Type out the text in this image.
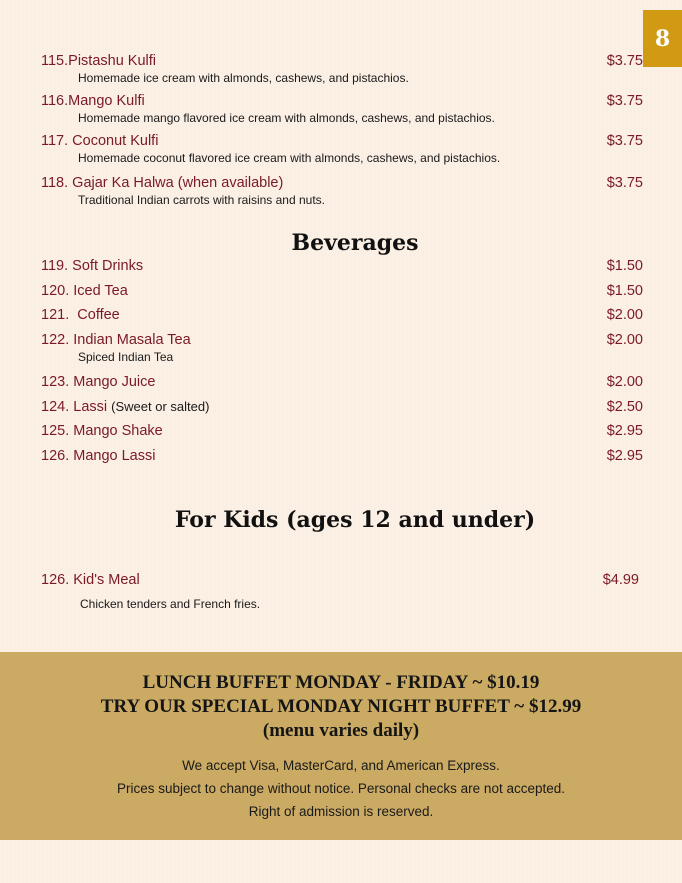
8
115.Pistashu Kulfi	$3.75
Homemade ice cream with almonds, cashews, and pistachios.
116.Mango Kulfi	$3.75
Homemade mango flavored ice cream with almonds, cashews, and pistachios.
117. Coconut Kulfi	$3.75
Homemade coconut flavored ice cream with almonds, cashews, and pistachios.
118. Gajar Ka Halwa (when available)	$3.75
Traditional Indian carrots with raisins and nuts.
Beverages
119. Soft Drinks	$1.50
120. Iced Tea	$1.50
121.  Coffee	$2.00
122. Indian Masala Tea	$2.00
Spiced Indian Tea
123. Mango Juice	$2.00
124. Lassi (Sweet or salted)	$2.50
125. Mango Shake	$2.95
126. Mango Lassi	$2.95
For Kids (ages 12 and under)
126. Kid's Meal	$4.99
Chicken tenders and French fries.
LUNCH BUFFET MONDAY - FRIDAY ~ $10.19
TRY OUR SPECIAL MONDAY NIGHT BUFFET ~ $12.99
(menu varies daily)
We accept Visa, MasterCard, and American Express.
Prices subject to change without notice. Personal checks are not accepted.
Right of admission is reserved.
